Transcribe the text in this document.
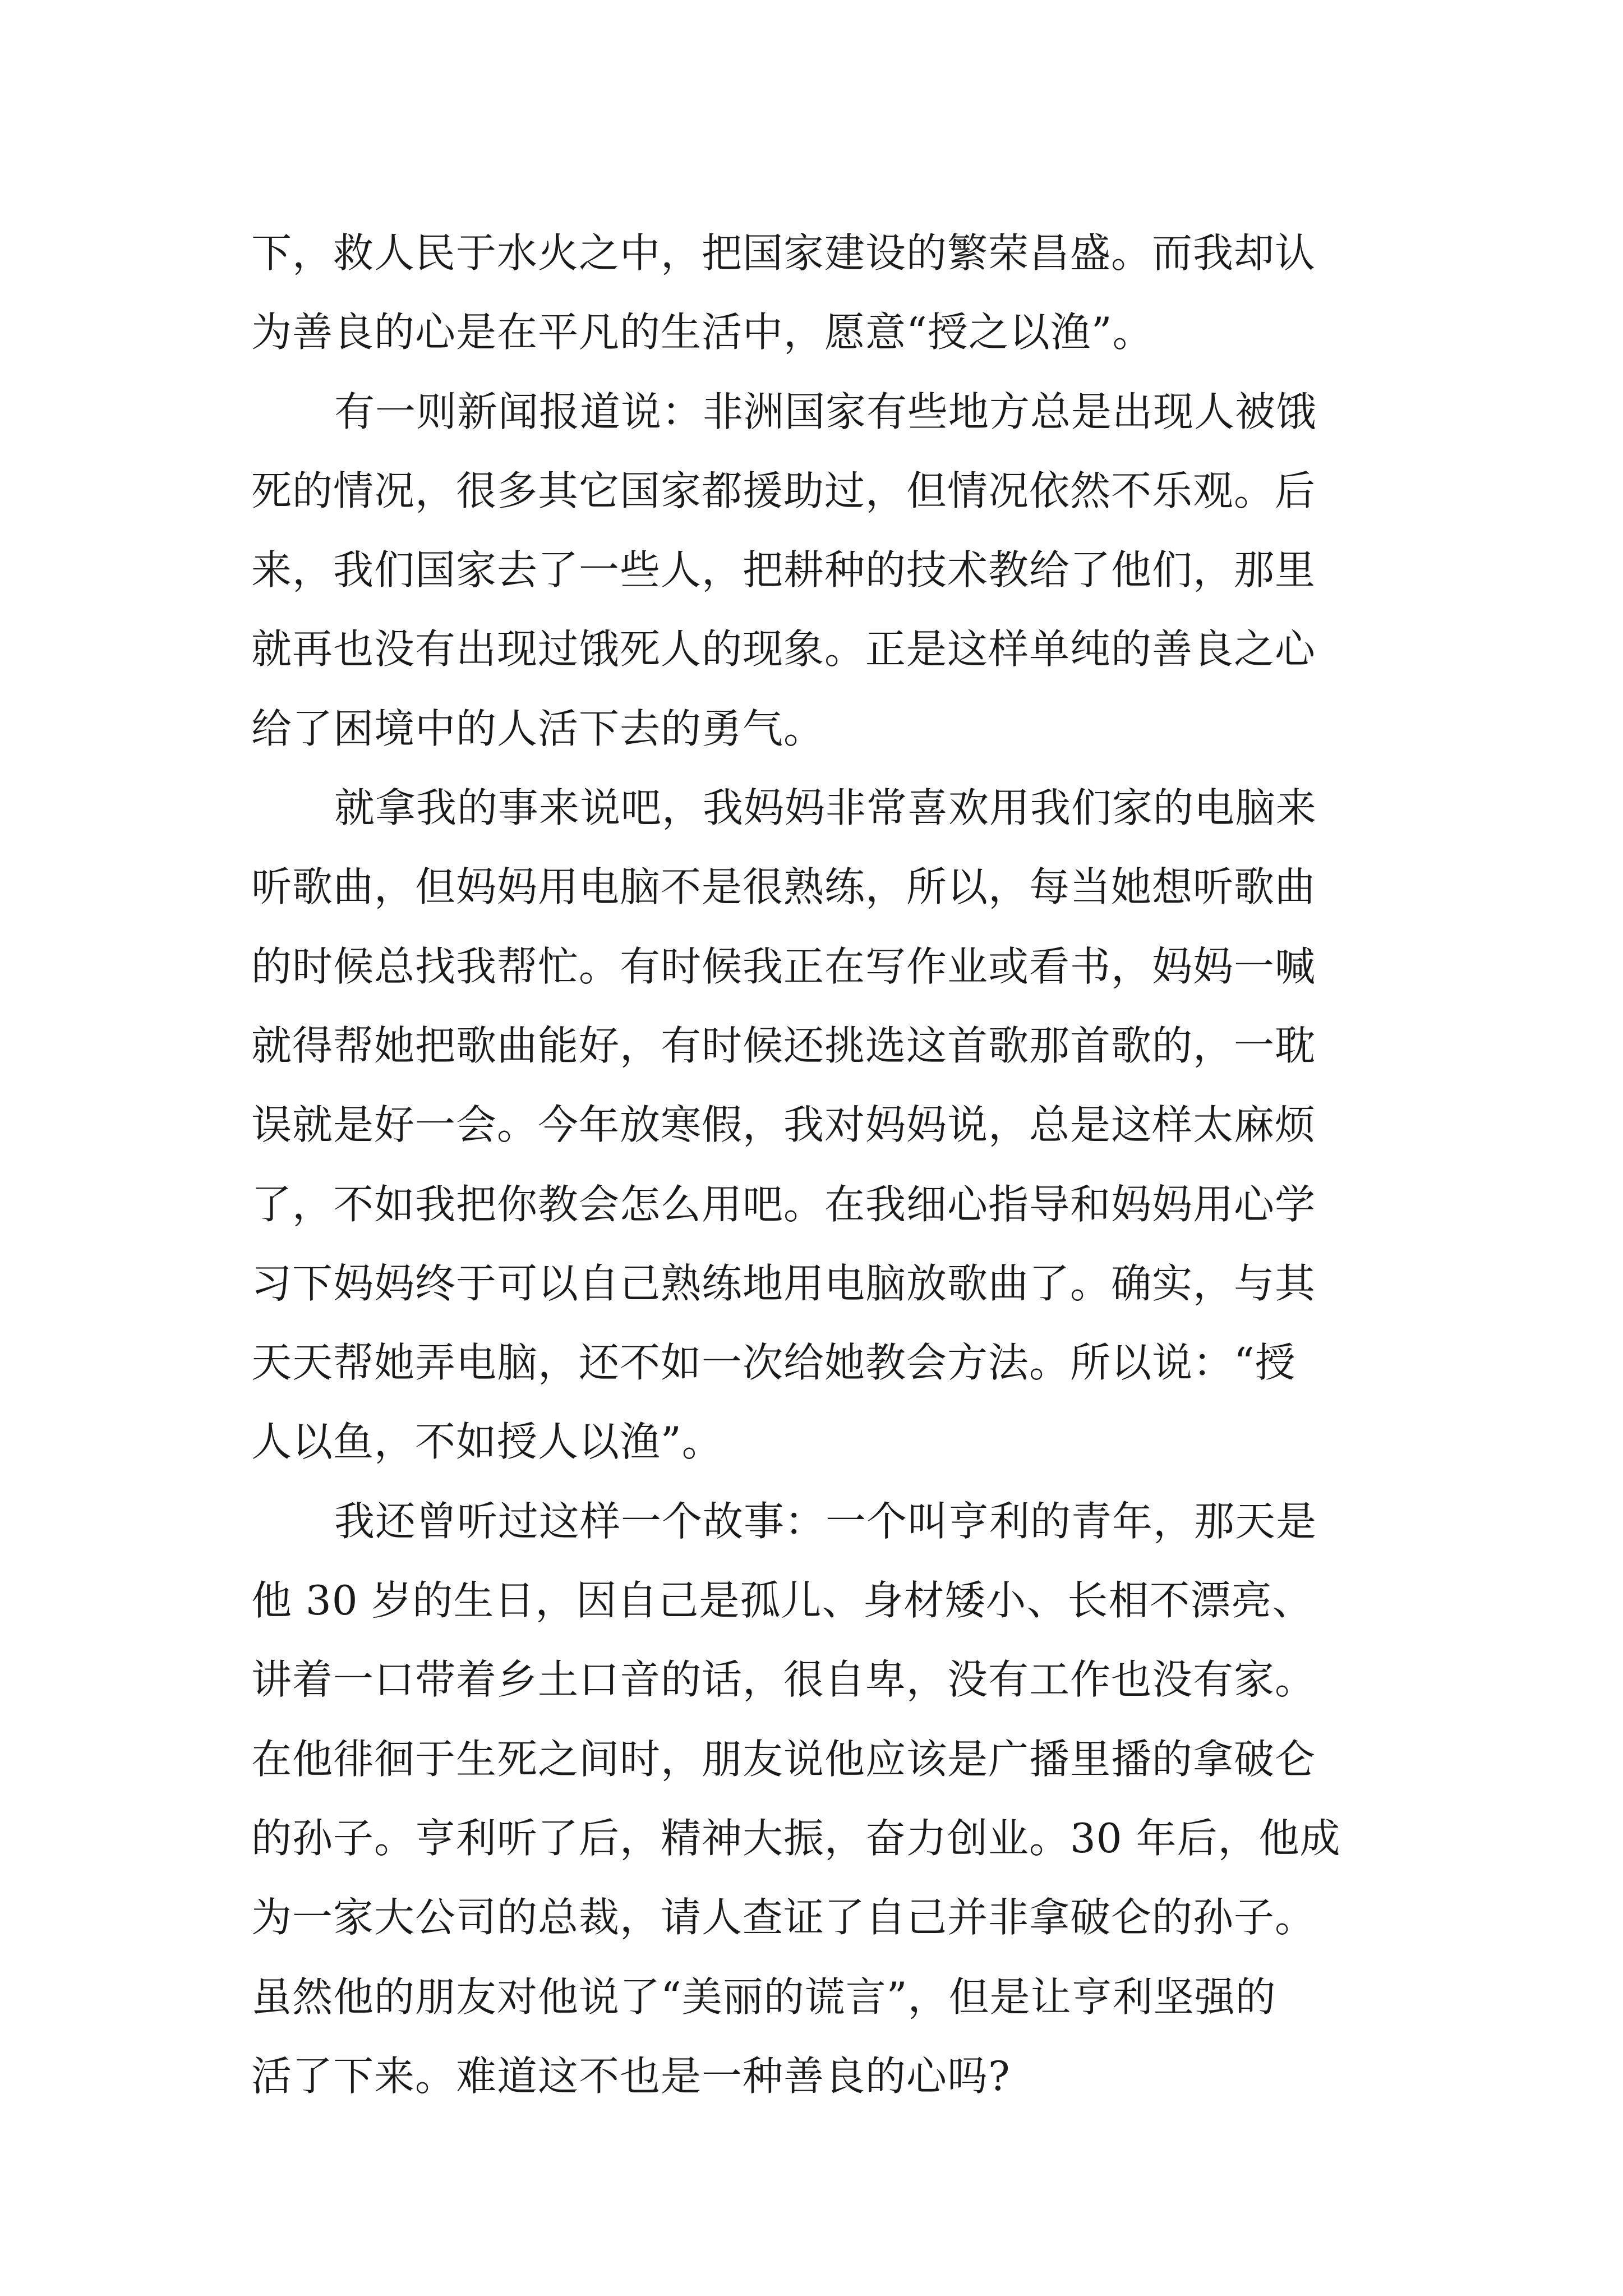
下，救人民于水火之中，把国家建设的繁荣昌盛。而我却认
为善良的心是在平凡的生活中，愿意“授之以渔”。
有一则新闻报道说：非洲国家有些地方总是出现人被饿
死的情况，很多其它国家都援助过，但情况依然不乐观。后
来，我们国家去了一些人，把耕种的技术教给了他们，那里
就再也没有出现过饿死人的现象。正是这样单纯的善良之心
给了困境中的人活下去的勇气。
就拿我的事来说吧，我妈妈非常喜欢用我们家的电脑来
听歌曲，但妈妈用电脑不是很熟练，所以，每当她想听歌曲
的时候总找我帮忙。有时候我正在写作业或看书，妈妈一喊
就得帮她把歌曲能好，有时候还挑选这首歌那首歌的，一耽
误就是好一会。今年放寒假，我对妈妈说，总是这样太麻烦
了，不如我把你教会怎么用吧。在我细心指导和妈妈用心学
习下妈妈终于可以自己熟练地用电脑放歌曲了。确实，与其
天天帮她弄电脑，还不如一次给她教会方法。所以说：“授
人以鱼，不如授人以渔”。
我还曾听过这样一个故事：一个叫亨利的青年，那天是
他 30 岁的生日，因自己是孤儿、身材矮小、长相不漂亮、
讲着一口带着乡土口音的话，很自卑，没有工作也没有家。
在他徘徊于生死之间时，朋友说他应该是广播里播的拿破仑
的孙子。亨利听了后，精神大振，奋力创业。30 年后，他成
为一家大公司的总裁，请人查证了自己并非拿破仑的孙子。
虽然他的朋友对他说了“美丽的谎言”，但是让亨利坚强的
活了下来。难道这不也是一种善良的心吗?
